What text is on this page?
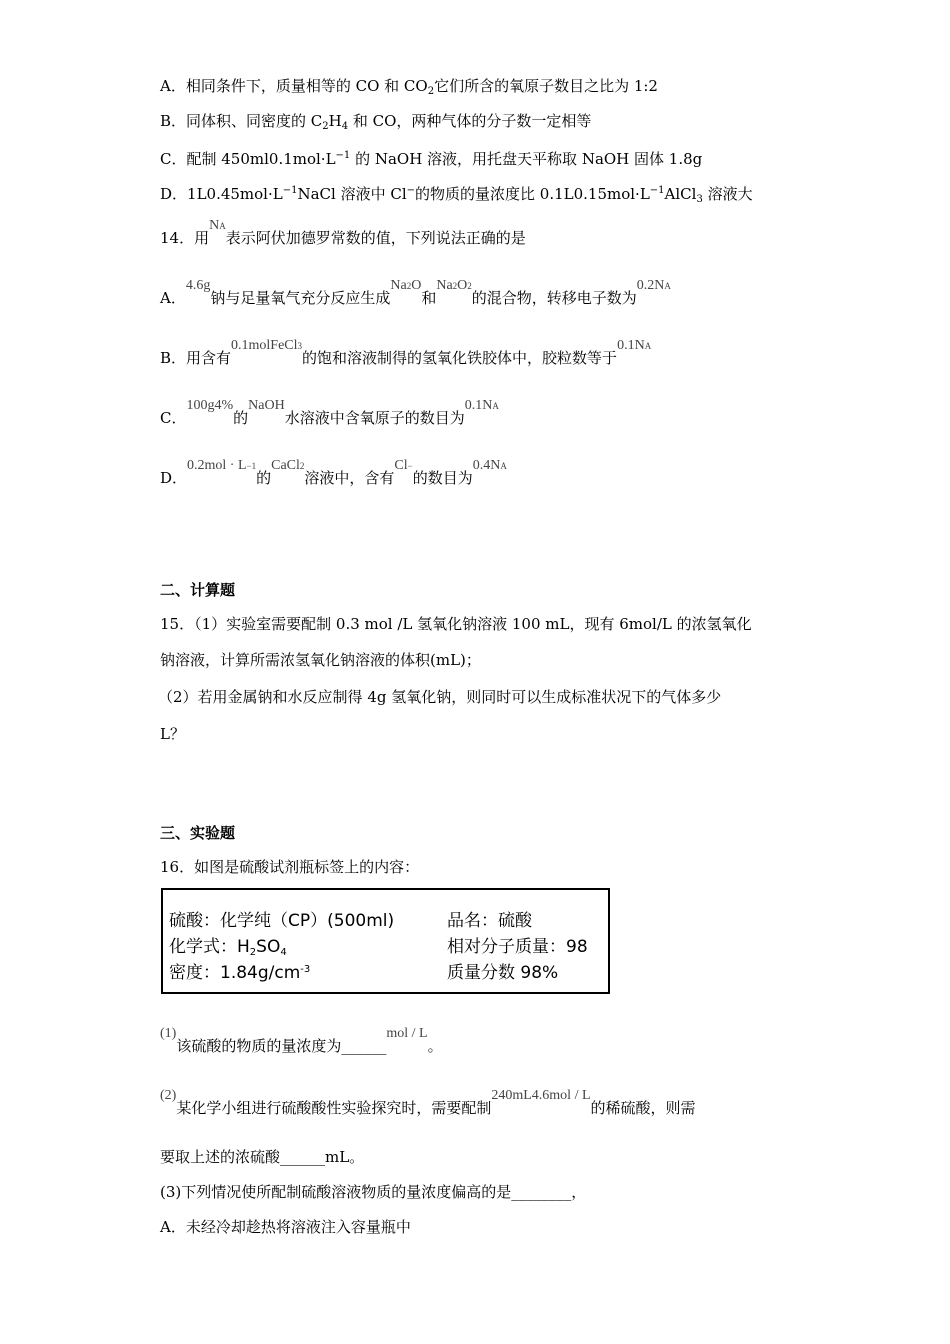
A．相同条件下，质量相等的 CO 和 $CO_2$它们所含的氧原子数目之比为 1:2
B．同体积、同密度的 $C_2H_4$ 和 CO，两种气体的分子数一定相等
C．配制 $450ml0.1mol\cdot L^{-1}$ 的 NaOH 溶液，用托盘天平称取 NaOH 固体 1.8g
D．$1L0.45mol\cdot L^{-1}NaCl$ 溶液中 Cl−的物质的量浓度比 $0.1L0.15mol\cdot L^{-1}AlCl_3$ 溶液大
14．用NA表示阿伏加德罗常数的值，下列说法正确的是
A．4.6g钠与足量氧气充分反应生成Na2O和Na2O2的混合物，转移电子数为0.2NA
B．用含有0.1molFeCl3的饱和溶液制得的氢氧化铁胶体中，胶粒数等于0.1NA
C．100g4%的NaOH水溶液中含氧原子的数目为0.1NA
D．0.2mol · L−1的CaCl2溶液中，含有Cl−的数目为0.4NA
二、计算题
15．（1）实验室需要配制 0.3 mol /L 氢氧化钠溶液 100 mL，现有 6mol/L 的浓氢氧化
钠溶液，计算所需浓氢氧化钠溶液的体积(mL)；
（2）若用金属钠和水反应制得 4g 氢氧化钠，则同时可以生成标准状况下的气体多少
L？
三、实验题
16．如图是硫酸试剂瓶标签上的内容：
硫酸：化学纯（CP）(500ml)	品名：硫酸
化学式：$H_2SO_4$	相对分子质量：98
密度：$1.84g/cm^{-3}$	质量分数 98%
(1)该硫酸的物质的量浓度为______mol / L。
(2)某化学小组进行硫酸酸性实验探究时，需要配制240mL4.6mol / L的稀硫酸，则需
要取上述的浓硫酸______mL。
(3)下列情况使所配制硫酸溶液物质的量浓度偏高的是________，
A．未经冷却趁热将溶液注入容量瓶中
